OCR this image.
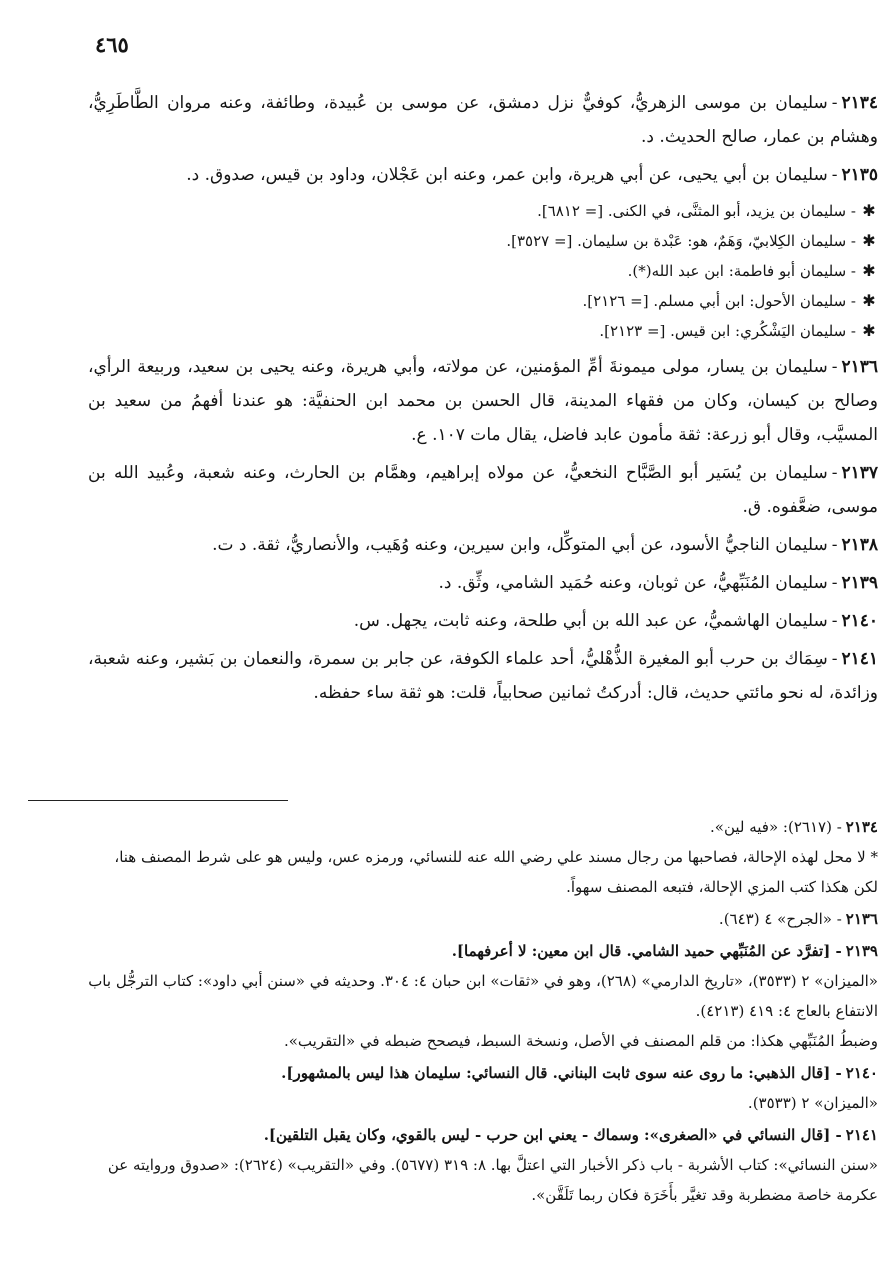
٤٦٥

٢١٣٤-سليمان بن موسى الزهريُّ، كوفيٌّ نزل دمشق، عن موسى بن عُبيدة، وطائفة، وعنه مروان الطَّاطَرِيُّ، وهشام بن عمار، صالح الحديث. د.

٢١٣٥-سليمان بن أبي يحيى، عن أبي هريرة، وابن عمر، وعنه ابن عَجْلان، وداود بن قيس، صدوق. د.

✱- سليمان بن يزيد، أبو المثنَّى، في الكنى. [= ٦٨١٢].
✱- سليمان الكِلابيّ، وَهَمٌ، هو: عَبْدة بن سليمان. [= ٣٥٢٧].
✱- سليمان أبو فاطمة: ابن عبد الله(*).
✱- سليمان الأحول: ابن أبي مسلم. [= ٢١٢٦].
✱- سليمان اليَشْكُري: ابن قيس. [= ٢١٢٣].

٢١٣٦-سليمان بن يسار، مولى ميمونةَ أمِّ المؤمنين، عن مولاته، وأبي هريرة، وعنه يحيى بن سعيد، وربيعة الرأي، وصالح بن كيسان، وكان من فقهاء المدينة، قال الحسن بن محمد ابن الحنفيَّة: هو عندنا أفهمُ من سعيد بن المسيَّب، وقال أبو زرعة: ثقة مأمون عابد فاضل، يقال مات ١٠٧. ع.

٢١٣٧-سليمان بن يُسَير أبو الصَّبَّاح النخعيُّ، عن مولاه إبراهيم، وهمَّام بن الحارث، وعنه شعبة، وعُبيد الله بن موسى، ضعَّفوه. ق.

٢١٣٨-سليمان الناجيُّ الأسود، عن أبي المتوكِّل، وابن سيرين، وعنه وُهَيب، والأنصاريُّ، ثقة. د ت.

٢١٣٩-سليمان المُنَبِّهيُّ، عن ثوبان، وعنه حُمَيد الشامي، وثِّق. د.

٢١٤٠-سليمان الهاشميُّ، عن عبد الله بن أبي طلحة، وعنه ثابت، يجهل. س.

٢١٤١-سِمَاك بن حرب أبو المغيرة الذُّهْليُّ، أحد علماء الكوفة، عن جابر بن سمرة، والنعمان بن بَشير، وعنه شعبة، وزائدة، له نحو مائتي حديث، قال: أدركتُ ثمانين صحابياً، قلت: هو ثقة ساء حفظه.

٢١٣٤- (٢٦١٧): «فيه لين».
* لا محل لهذه الإحالة، فصاحبها من رجال مسند علي رضي الله عنه للنسائي، ورمزه عس، وليس هو على شرط المصنف هنا، لكن هكذا كتب المزي الإحالة، فتبعه المصنف سهواً.
٢١٣٦- «الجرح» ٤ (٦٤٣).
٢١٣٩- [تفرَّد عن المُنَبِّهي حميد الشامي. قال ابن معين: لا أعرفهما].
«الميزان» ٢ (٣٥٣٣)، «تاريخ الدارمي» (٢٦٨)، وهو في «ثقات» ابن حبان ٤: ٣٠٤. وحديثه في «سنن أبي داود»: كتاب الترجُّل باب الانتفاع بالعاج ٤: ٤١٩ (٤٢١٣).
وضبطُ المُنَبِّهي هكذا: من قلم المصنف في الأصل، ونسخة السبط، فيصحح ضبطه في «التقريب».
٢١٤٠- [قال الذهبي: ما روى عنه سوى ثابت البناني. قال النسائي: سليمان هذا ليس بالمشهور].
«الميزان» ٢ (٣٥٣٣).
٢١٤١- [قال النسائي في «الصغرى»: وسماك - يعني ابن حرب - ليس بالقوي، وكان يقبل التلقين].
«سنن النسائي»: كتاب الأشربة - باب ذكر الأخبار التي اعتلَّ بها. ٨: ٣١٩ (٥٦٧٧). وفي «التقريب» (٢٦٢٤): «صدوق وروايته عن عكرمة خاصة مضطربة وقد تغيَّر بأَخَرَة فكان ربما تَلَقَّن».
